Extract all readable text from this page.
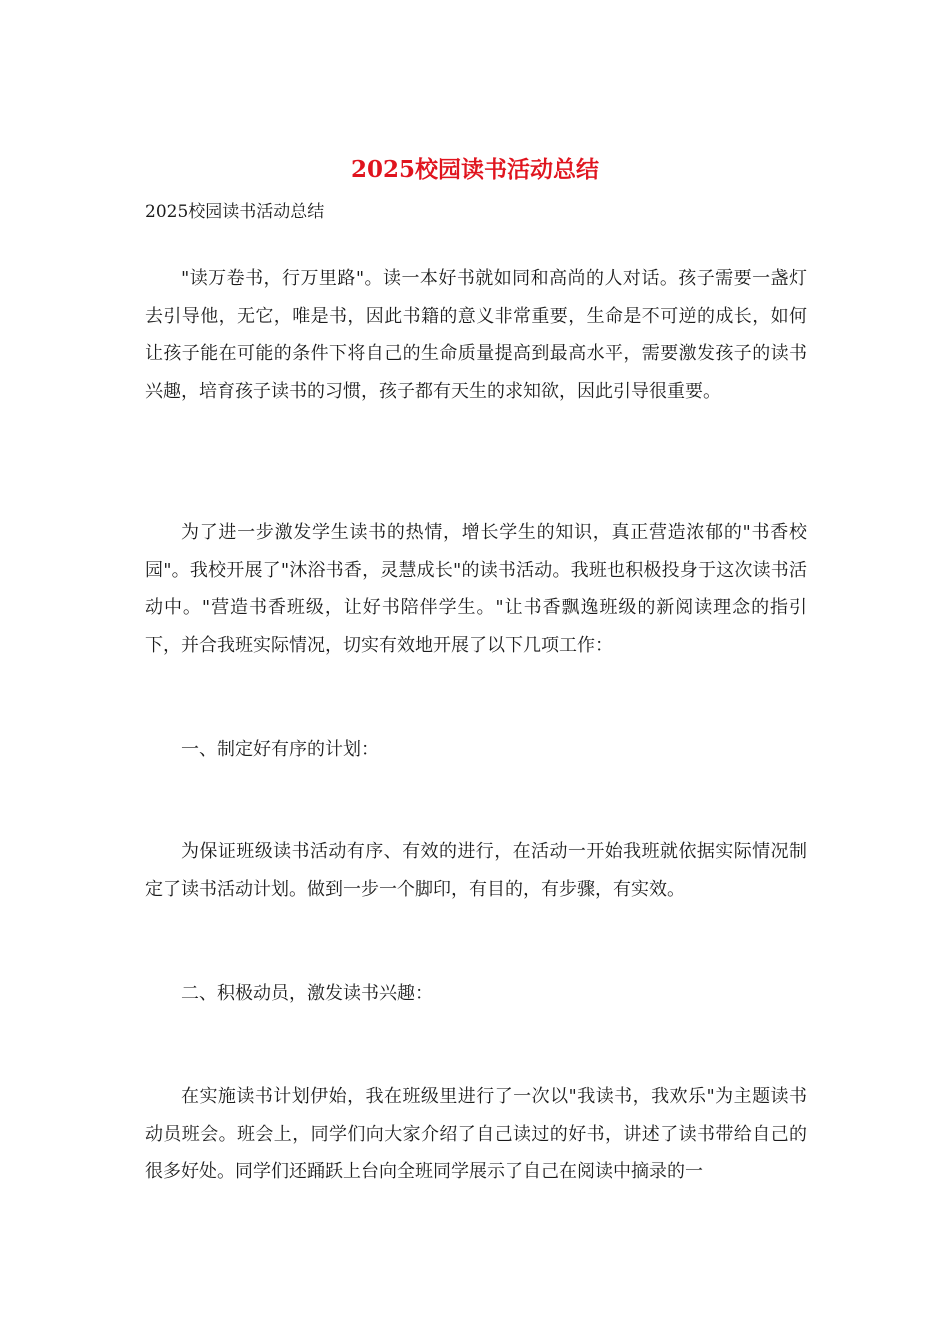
2025校园读书活动总结

2025校园读书活动总结

"读万卷书，行万里路"。读一本好书就如同和高尚的人对话。孩子需要一盏灯去引导他，无它，唯是书，因此书籍的意义非常重要，生命是不可逆的成长，如何让孩子能在可能的条件下将自己的生命质量提高到最高水平，需要激发孩子的读书兴趣，培育孩子读书的习惯，孩子都有天生的求知欲，因此引导很重要。

为了进一步激发学生读书的热情，增长学生的知识，真正营造浓郁的"书香校园"。我校开展了"沐浴书香，灵慧成长"的读书活动。我班也积极投身于这次读书活动中。"营造书香班级，让好书陪伴学生。"让书香飘逸班级的新阅读理念的指引下，并合我班实际情况，切实有效地开展了以下几项工作：

一、制定好有序的计划：

为保证班级读书活动有序、有效的进行，在活动一开始我班就依据实际情况制定了读书活动计划。做到一步一个脚印，有目的，有步骤，有实效。

二、积极动员，激发读书兴趣：

在实施读书计划伊始，我在班级里进行了一次以"我读书，我欢乐"为主题读书动员班会。班会上，同学们向大家介绍了自己读过的好书，讲述了读书带给自己的很多好处。同学们还踊跃上台向全班同学展示了自己在阅读中摘录的一
